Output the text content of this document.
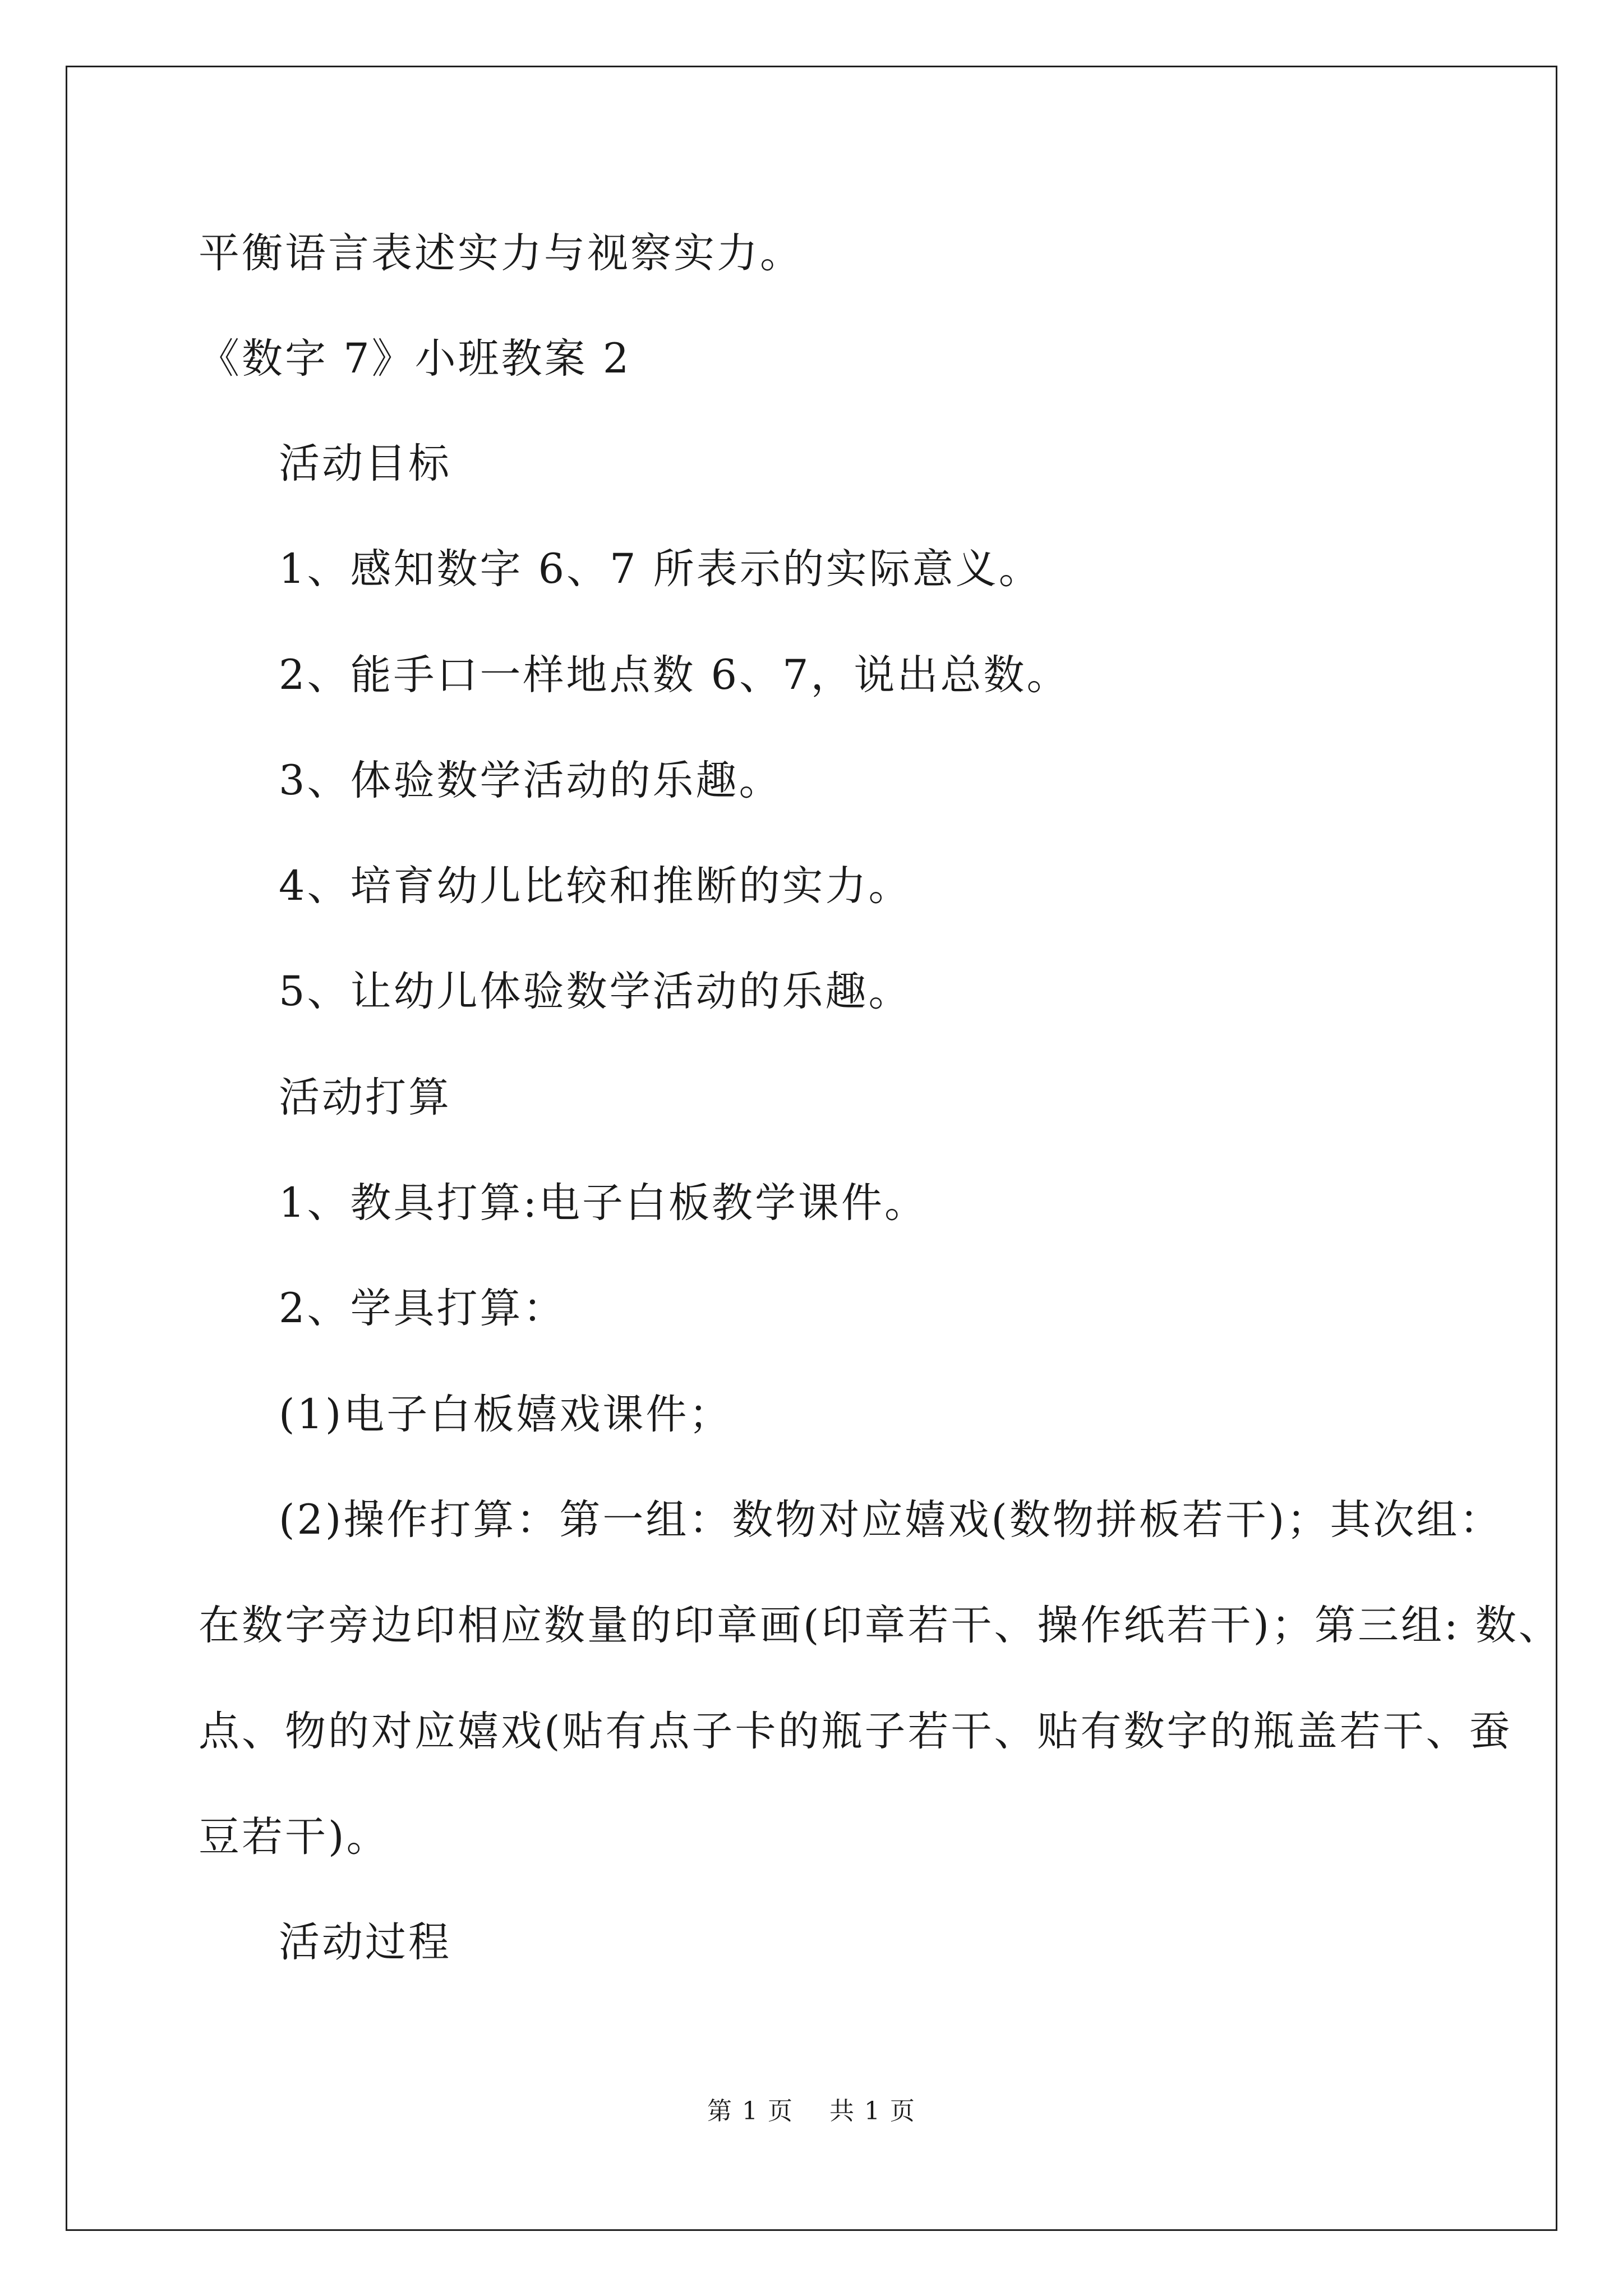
平衡语言表述实力与视察实力。
《数字 7》小班教案 2
活动目标
1、感知数字 6、7 所表示的实际意义。
2、能手口一样地点数 6、7，说出总数。
3、体验数学活动的乐趣。
4、培育幼儿比较和推断的实力。
5、让幼儿体验数学活动的乐趣。
活动打算
1、教具打算:电子白板教学课件。
2、学具打算：
(1)电子白板嬉戏课件；
(2)操作打算：第一组：数物对应嬉戏(数物拼板若干)；其次组：
在数字旁边印相应数量的印章画(印章若干、操作纸若干)；第三组: 数、
点、物的对应嬉戏(贴有点子卡的瓶子若干、贴有数字的瓶盖若干、蚕
豆若干)。
活动过程
第 1 页    共 1 页
